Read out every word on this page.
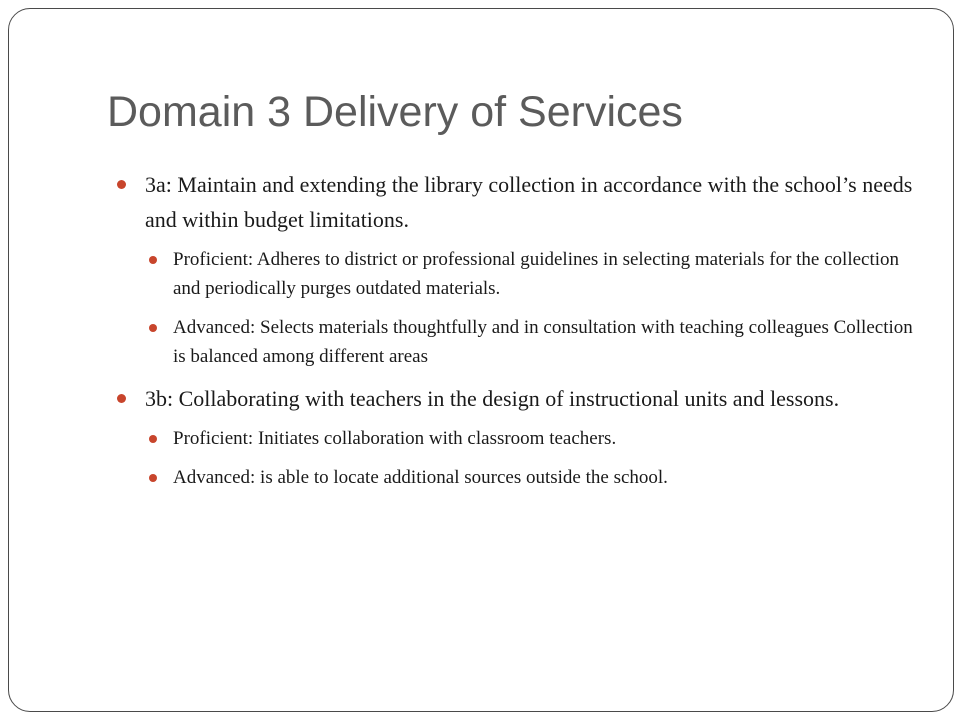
Domain 3 Delivery of Services
3a: Maintain and extending the library collection in accordance with the school’s needs and within budget limitations.
Proficient: Adheres to district or professional guidelines in selecting materials for the collection and periodically purges outdated materials.
Advanced: Selects materials thoughtfully and in consultation with teaching colleagues Collection is balanced among different areas
3b: Collaborating with teachers in the design of instructional units and lessons.
Proficient: Initiates collaboration with classroom teachers.
Advanced: is able to locate additional sources outside the school.
